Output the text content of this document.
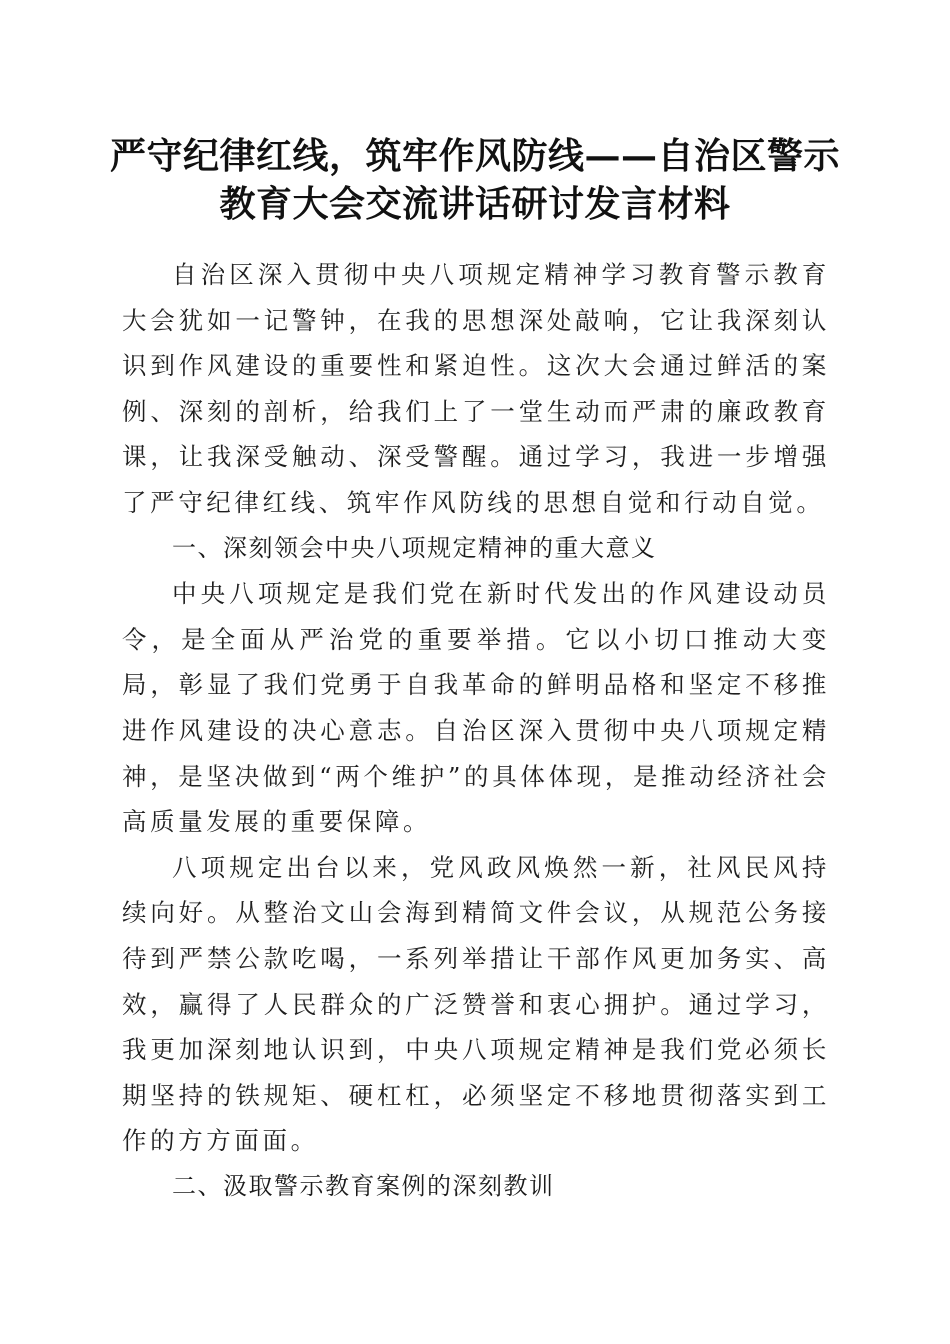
严守纪律红线，筑牢作风防线——自治区警示
教育大会交流讲话研讨发言材料

自治区深入贯彻中央八项规定精神学习教育警示教育大会犹如一记警钟，在我的思想深处敲响，它让我深刻认识到作风建设的重要性和紧迫性。这次大会通过鲜活的案例、深刻的剖析，给我们上了一堂生动而严肃的廉政教育课，让我深受触动、深受警醒。通过学习，我进一步增强了严守纪律红线、筑牢作风防线的思想自觉和行动自觉。

一、深刻领会中央八项规定精神的重大意义

中央八项规定是我们党在新时代发出的作风建设动员令，是全面从严治党的重要举措。它以小切口推动大变局，彰显了我们党勇于自我革命的鲜明品格和坚定不移推进作风建设的决心意志。自治区深入贯彻中央八项规定精神，是坚决做到“两个维护”的具体体现，是推动经济社会高质量发展的重要保障。

八项规定出台以来，党风政风焕然一新，社风民风持续向好。从整治文山会海到精简文件会议，从规范公务接待到严禁公款吃喝，一系列举措让干部作风更加务实、高效，赢得了人民群众的广泛赞誉和衷心拥护。通过学习，我更加深刻地认识到，中央八项规定精神是我们党必须长期坚持的铁规矩、硬杠杠，必须坚定不移地贯彻落实到工作的方方面面。

二、汲取警示教育案例的深刻教训
